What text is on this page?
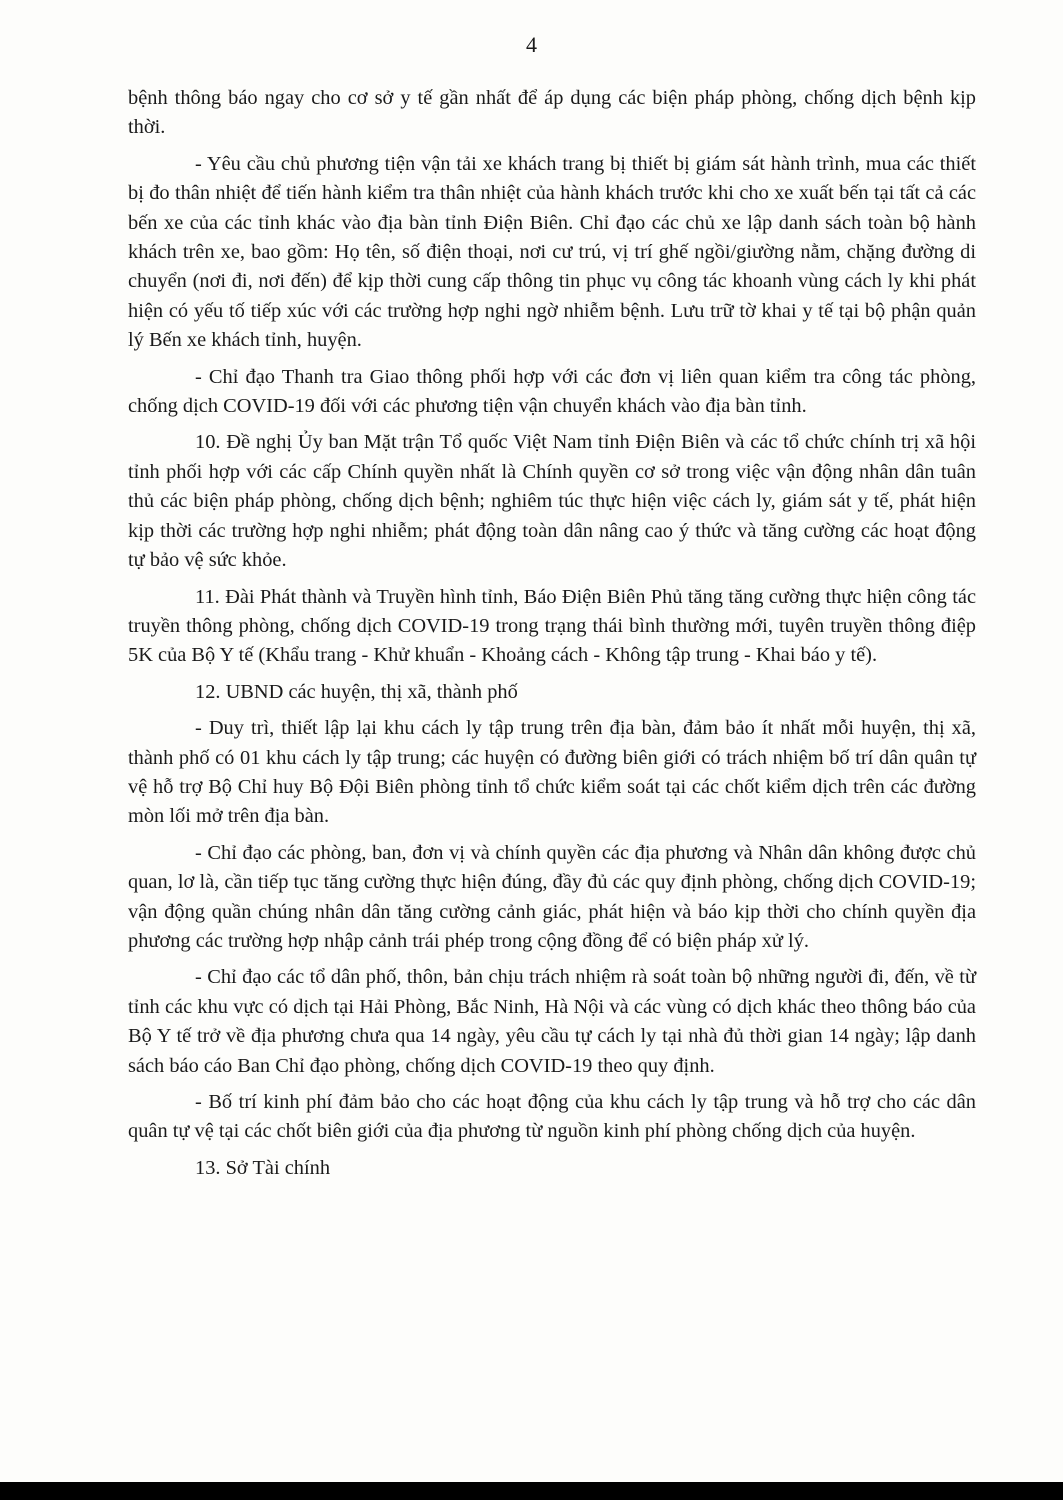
4

bệnh thông báo ngay cho cơ sở y tế gần nhất để áp dụng các biện pháp phòng, chống dịch bệnh kịp thời.

- Yêu cầu chủ phương tiện vận tải xe khách trang bị thiết bị giám sát hành trình, mua các thiết bị đo thân nhiệt để tiến hành kiểm tra thân nhiệt của hành khách trước khi cho xe xuất bến tại tất cả các bến xe của các tỉnh khác vào địa bàn tỉnh Điện Biên. Chỉ đạo các chủ xe lập danh sách toàn bộ hành khách trên xe, bao gồm: Họ tên, số điện thoại, nơi cư trú, vị trí ghế ngồi/giường nằm, chặng đường di chuyển (nơi đi, nơi đến) để kịp thời cung cấp thông tin phục vụ công tác khoanh vùng cách ly khi phát hiện có yếu tố tiếp xúc với các trường hợp nghi ngờ nhiễm bệnh. Lưu trữ tờ khai y tế tại bộ phận quản lý Bến xe khách tỉnh, huyện.

- Chỉ đạo Thanh tra Giao thông phối hợp với các đơn vị liên quan kiểm tra công tác phòng, chống dịch COVID-19 đối với các phương tiện vận chuyển khách vào địa bàn tỉnh.

10. Đề nghị Ủy ban Mặt trận Tổ quốc Việt Nam tỉnh Điện Biên và các tổ chức chính trị xã hội tỉnh phối hợp với các cấp Chính quyền nhất là Chính quyền cơ sở trong việc vận động nhân dân tuân thủ các biện pháp phòng, chống dịch bệnh; nghiêm túc thực hiện việc cách ly, giám sát y tế, phát hiện kịp thời các trường hợp nghi nhiễm; phát động toàn dân nâng cao ý thức và tăng cường các hoạt động tự bảo vệ sức khỏe.

11. Đài Phát thành và Truyền hình tỉnh, Báo Điện Biên Phủ tăng tăng cường thực hiện công tác truyền thông phòng, chống dịch COVID-19 trong trạng thái bình thường mới, tuyên truyền thông điệp 5K của Bộ Y tế (Khẩu trang - Khử khuẩn - Khoảng cách - Không tập trung - Khai báo y tế).

12. UBND các huyện, thị xã, thành phố

- Duy trì, thiết lập lại khu cách ly tập trung trên địa bàn, đảm bảo ít nhất mỗi huyện, thị xã, thành phố có 01 khu cách ly tập trung; các huyện có đường biên giới có trách nhiệm bố trí dân quân tự vệ hỗ trợ Bộ Chỉ huy Bộ Đội Biên phòng tỉnh tổ chức kiểm soát tại các chốt kiểm dịch trên các đường mòn lối mở trên địa bàn.

- Chỉ đạo các phòng, ban, đơn vị và chính quyền các địa phương và Nhân dân không được chủ quan, lơ là, cần tiếp tục tăng cường thực hiện đúng, đầy đủ các quy định phòng, chống dịch COVID-19; vận động quần chúng nhân dân tăng cường cảnh giác, phát hiện và báo kịp thời cho chính quyền địa phương các trường hợp nhập cảnh trái phép trong cộng đồng để có biện pháp xử lý.

- Chỉ đạo các tổ dân phố, thôn, bản chịu trách nhiệm rà soát toàn bộ những người đi, đến, về từ tỉnh các khu vực có dịch tại Hải Phòng, Bắc Ninh, Hà Nội và các vùng có dịch khác theo thông báo của Bộ Y tế trở về địa phương chưa qua 14 ngày, yêu cầu tự cách ly tại nhà đủ thời gian 14 ngày; lập danh sách báo cáo Ban Chỉ đạo phòng, chống dịch COVID-19 theo quy định.

- Bố trí kinh phí đảm bảo cho các hoạt động của khu cách ly tập trung và hỗ trợ cho các dân quân tự vệ tại các chốt biên giới của địa phương từ nguồn kinh phí phòng chống dịch của huyện.

13. Sở Tài chính
